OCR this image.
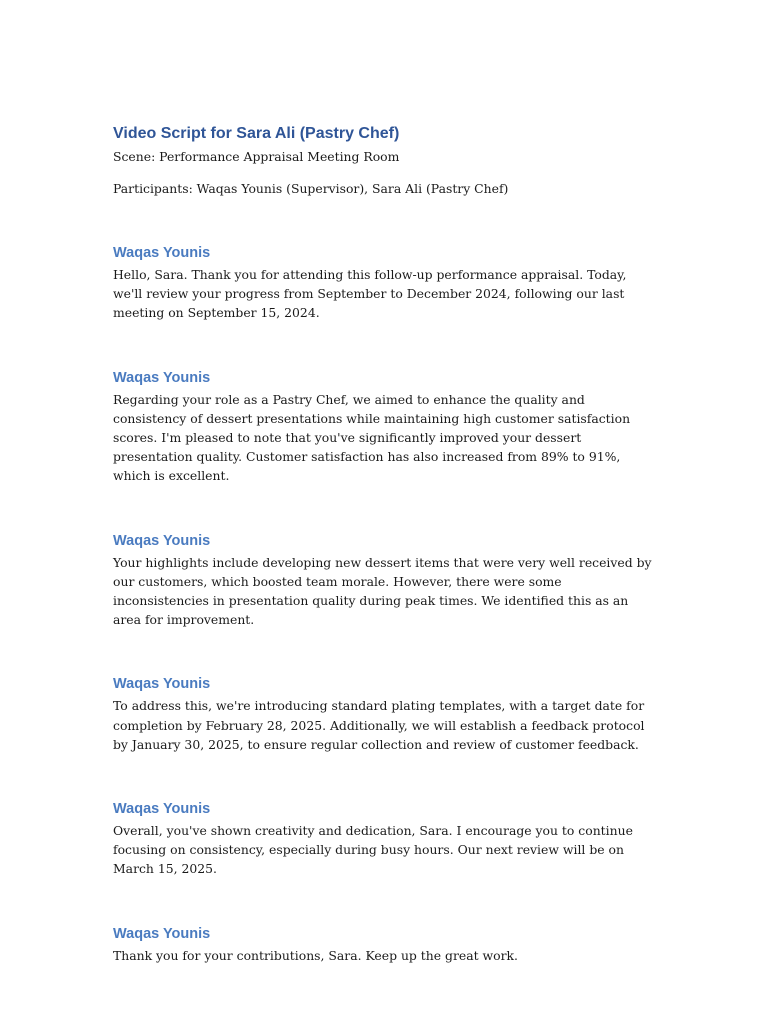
Video Script for Sara Ali (Pastry Chef)

Scene: Performance Appraisal Meeting Room

Participants: Waqas Younis (Supervisor), Sara Ali (Pastry Chef)

Waqas Younis

Hello, Sara. Thank you for attending this follow-up performance appraisal. Today, we'll review your progress from September to December 2024, following our last meeting on September 15, 2024.

Waqas Younis

Regarding your role as a Pastry Chef, we aimed to enhance the quality and consistency of dessert presentations while maintaining high customer satisfaction scores. I'm pleased to note that you've significantly improved your dessert presentation quality. Customer satisfaction has also increased from 89% to 91%, which is excellent.

Waqas Younis

Your highlights include developing new dessert items that were very well received by our customers, which boosted team morale. However, there were some inconsistencies in presentation quality during peak times. We identified this as an area for improvement.

Waqas Younis

To address this, we're introducing standard plating templates, with a target date for completion by February 28, 2025. Additionally, we will establish a feedback protocol by January 30, 2025, to ensure regular collection and review of customer feedback.

Waqas Younis

Overall, you've shown creativity and dedication, Sara. I encourage you to continue focusing on consistency, especially during busy hours. Our next review will be on March 15, 2025.

Waqas Younis

Thank you for your contributions, Sara. Keep up the great work.
